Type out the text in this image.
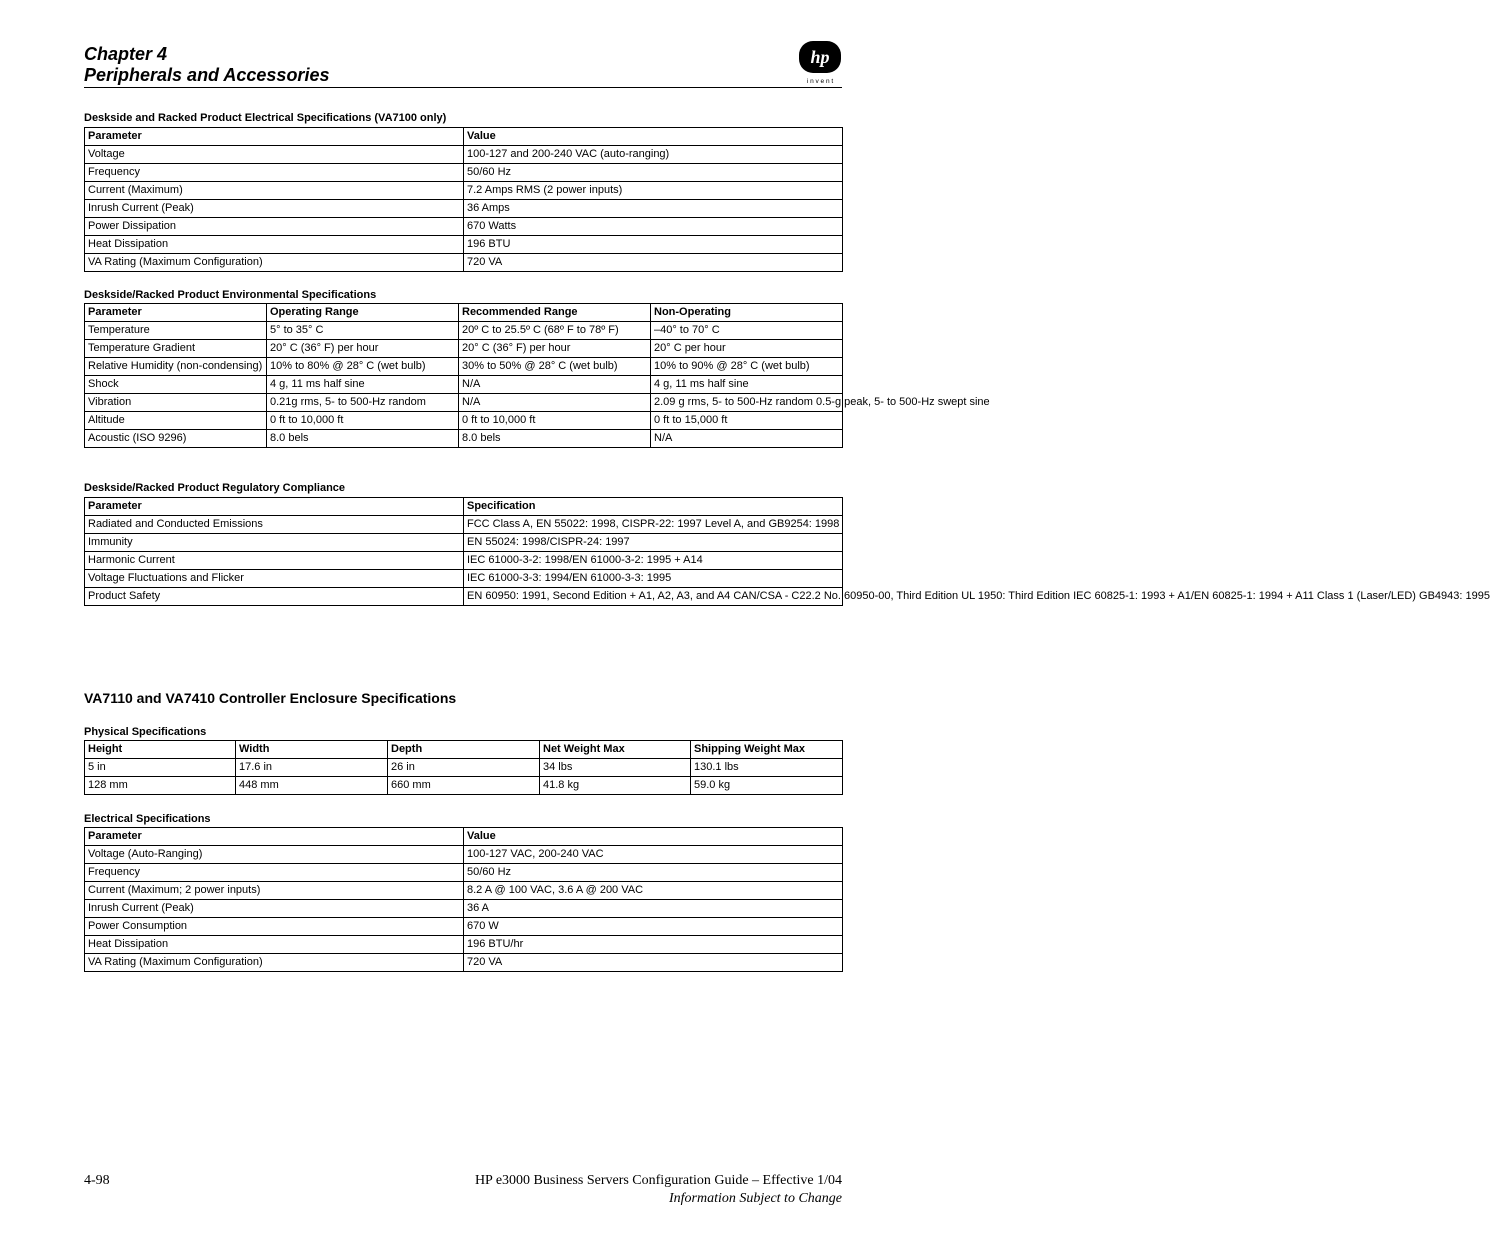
Chapter 4
Peripherals and Accessories
hp
i n v e n t
Deskside and Racked Product Electrical Specifications (VA7100 only)
Parameter	Value
Voltage	100-127 and 200-240 VAC (auto-ranging)
Frequency	50/60 Hz
Current (Maximum)	7.2 Amps RMS (2 power inputs)
Inrush Current (Peak)	36 Amps
Power Dissipation	670 Watts
Heat Dissipation	196 BTU
VA Rating (Maximum Configuration)	720 VA
Deskside/Racked Product Environmental Specifications
Parameter	Operating Range	Recommended Range	Non-Operating
Temperature	5° to 35° C	20º C to 25.5º C (68º F to 78º F)	–40° to 70° C
Temperature Gradient	20° C (36° F) per hour	20° C (36° F) per hour	20° C per hour
Relative Humidity (non-condensing)	10% to 80% @ 28° C (wet bulb)	30% to 50% @ 28° C (wet bulb)	10% to 90% @ 28° C (wet bulb)
Shock	4 g, 11 ms half sine	N/A	4 g, 11 ms half sine
Vibration	0.21g rms, 5- to 500-Hz random	N/A	2.09 g rms, 5- to 500-Hz random 0.5-g peak, 5- to 500-Hz swept sine
Altitude	0 ft to 10,000 ft	0 ft to 10,000 ft	0 ft to 15,000 ft
Acoustic (ISO 9296)	8.0 bels	8.0 bels	N/A
Deskside/Racked Product Regulatory Compliance
Parameter	Specification
Radiated and Conducted Emissions	FCC Class A, EN 55022: 1998, CISPR-22: 1997 Level A, and GB9254: 1998
Immunity	EN 55024: 1998/CISPR-24: 1997
Harmonic Current	IEC 61000-3-2: 1998/EN 61000-3-2: 1995 + A14
Voltage Fluctuations and Flicker	IEC 61000-3-3: 1994/EN 61000-3-3: 1995
Product Safety	EN 60950: 1991, Second Edition + A1, A2, A3, and A4 CAN/CSA - C22.2 No. 60950-00, Third Edition UL 1950: Third Edition IEC 60825-1: 1993 + A1/EN 60825-1: 1994 + A11 Class 1 (Laser/LED) GB4943: 1995
VA7110 and VA7410 Controller Enclosure Specifications
Physical Specifications
Height	Width	Depth	Net Weight Max	Shipping Weight Max
5 in	17.6 in	26 in	34 lbs	130.1 lbs
128 mm	448 mm	660 mm	41.8 kg	59.0 kg
Electrical Specifications
Parameter	Value
Voltage (Auto-Ranging)	100-127 VAC, 200-240 VAC
Frequency	50/60 Hz
Current (Maximum; 2 power inputs)	8.2 A @ 100 VAC, 3.6 A @ 200 VAC
Inrush Current (Peak)	36 A
Power Consumption	670 W
Heat Dissipation	196 BTU/hr
VA Rating (Maximum Configuration)	720 VA
4-98	HP e3000 Business Servers Configuration Guide – Effective 1/04
Information Subject to Change
